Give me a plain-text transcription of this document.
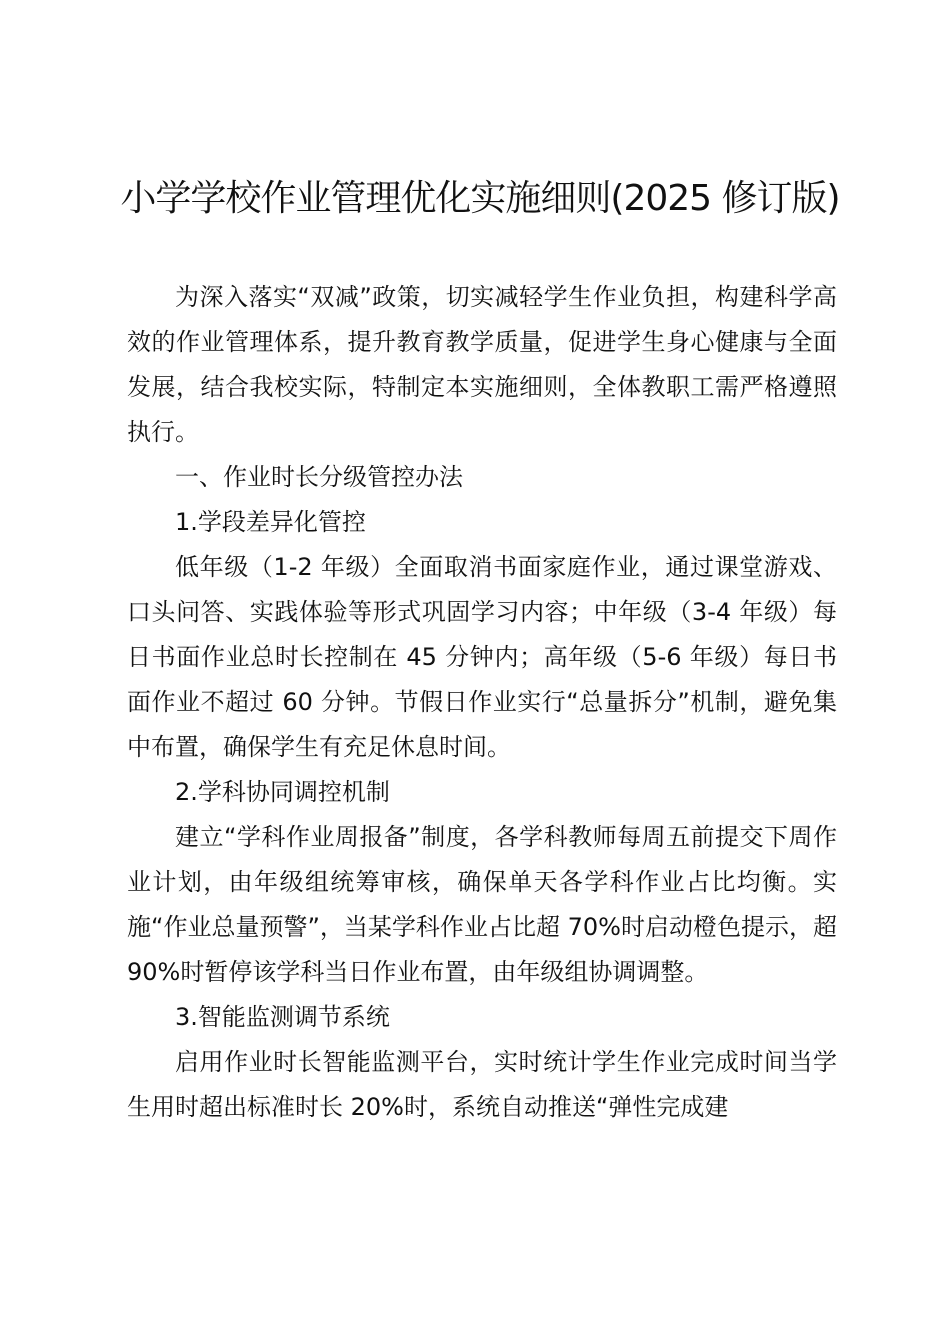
小学学校作业管理优化实施细则(2025 修订版)

为深入落实“双减”政策，切实减轻学生作业负担，构建科学高效的作业管理体系，提升教育教学质量，促进学生身心健康与全面发展，结合我校实际，特制定本实施细则，全体教职工需严格遵照执行。

一、作业时长分级管控办法

1.学段差异化管控

低年级（1-2 年级）全面取消书面家庭作业，通过课堂游戏、口头问答、实践体验等形式巩固学习内容；中年级（3-4 年级）每日书面作业总时长控制在 45 分钟内；高年级（5-6 年级）每日书面作业不超过 60 分钟。节假日作业实行“总量拆分”机制，避免集中布置，确保学生有充足休息时间。

2.学科协同调控机制

建立“学科作业周报备”制度，各学科教师每周五前提交下周作业计划，由年级组统筹审核，确保单天各学科作业占比均衡。实施“作业总量预警”，当某学科作业占比超 70%时启动橙色提示，超 90%时暂停该学科当日作业布置，由年级组协调调整。

3.智能监测调节系统

启用作业时长智能监测平台，实时统计学生作业完成时间当学生用时超出标准时长 20%时，系统自动推送“弹性完成建
